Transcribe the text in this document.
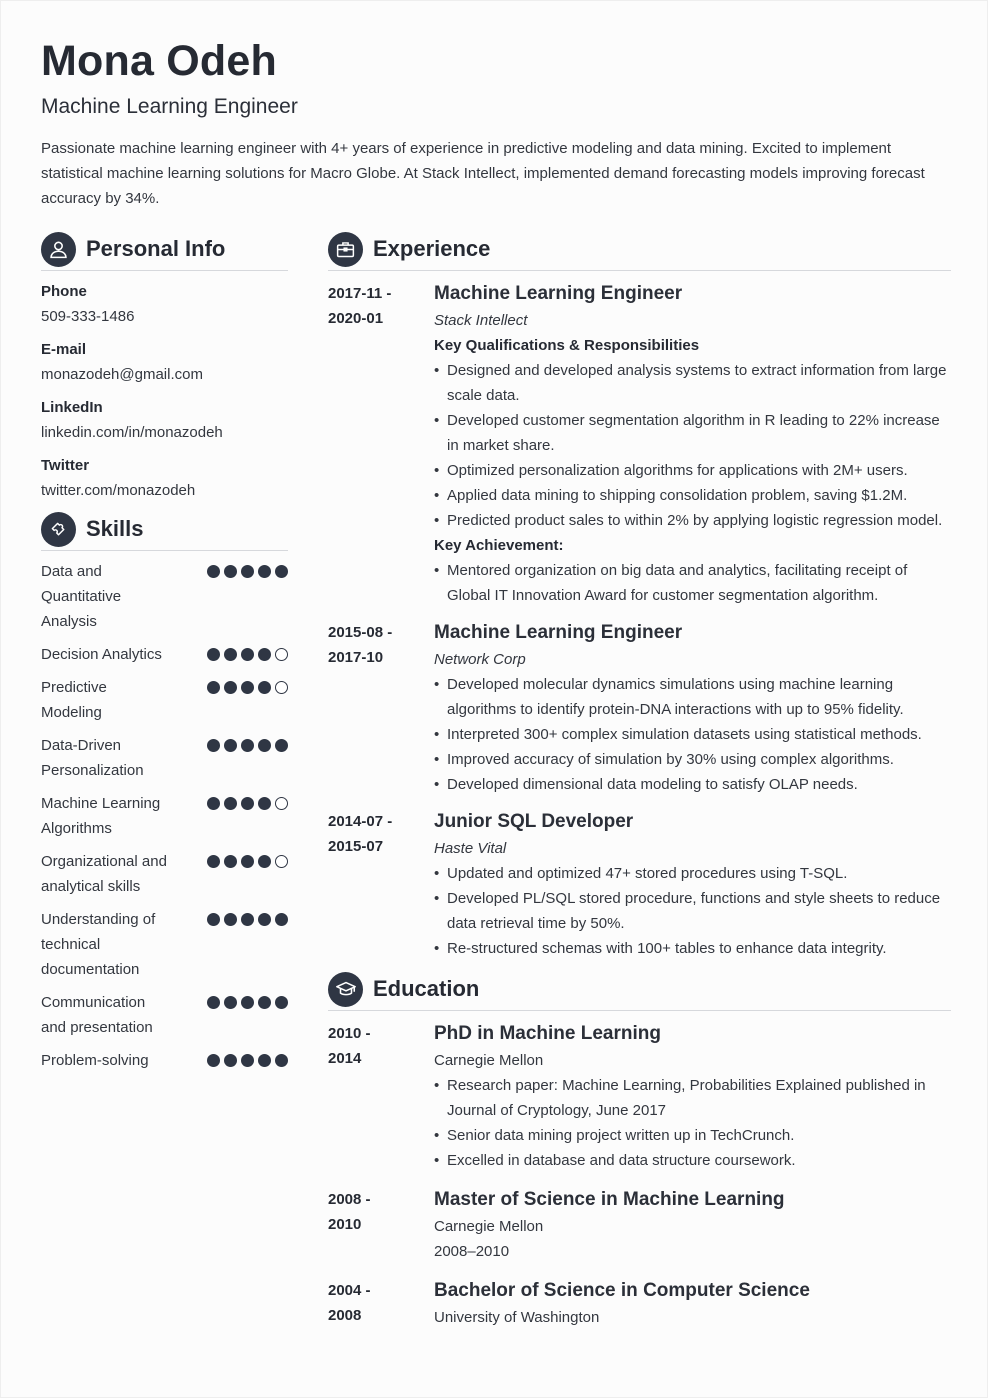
Mona Odeh
Machine Learning Engineer

Passionate machine learning engineer with 4+ years of experience in predictive modeling and data mining. Excited to implement statistical machine learning solutions for Macro Globe. At Stack Intellect, implemented demand forecasting models improving forecast accuracy by 34%.

Personal Info
Phone
509-333-1486
E-mail
monazodeh@gmail.com
LinkedIn
linkedin.com/in/monazodeh
Twitter
twitter.com/monazodeh
Skills
Data and Quantitative Analysis
Decision Analytics
Predictive Modeling
Data-Driven Personalization
Machine Learning Algorithms
Organizational and analytical skills
Understanding of technical documentation
Communication and presentation
Problem-solving
Experience
2017-11 -
2020-01
Machine Learning Engineer
Stack Intellect
Key Qualifications & Responsibilities
• Designed and developed analysis systems to extract information from large scale data.
• Developed customer segmentation algorithm in R leading to 22% increase in market share.
• Optimized personalization algorithms for applications with 2M+ users.
• Applied data mining to shipping consolidation problem, saving $1.2M.
• Predicted product sales to within 2% by applying logistic regression model.
Key Achievement:
• Mentored organization on big data and analytics, facilitating receipt of Global IT Innovation Award for customer segmentation algorithm.
2015-08 -
2017-10
Machine Learning Engineer
Network Corp
• Developed molecular dynamics simulations using machine learning algorithms to identify protein-DNA interactions with up to 95% fidelity.
• Interpreted 300+ complex simulation datasets using statistical methods.
• Improved accuracy of simulation by 30% using complex algorithms.
• Developed dimensional data modeling to satisfy OLAP needs.
2014-07 -
2015-07
Junior SQL Developer
Haste Vital
• Updated and optimized 47+ stored procedures using T-SQL.
• Developed PL/SQL stored procedure, functions and style sheets to reduce data retrieval time by 50%.
• Re-structured schemas with 100+ tables to enhance data integrity.
Education
2010 -
2014
PhD in Machine Learning
Carnegie Mellon
• Research paper: Machine Learning, Probabilities Explained published in Journal of Cryptology, June 2017
• Senior data mining project written up in TechCrunch.
• Excelled in database and data structure coursework.
2008 -
2010
Master of Science in Machine Learning
Carnegie Mellon
2008–2010
2004 -
2008
Bachelor of Science in Computer Science
University of Washington
